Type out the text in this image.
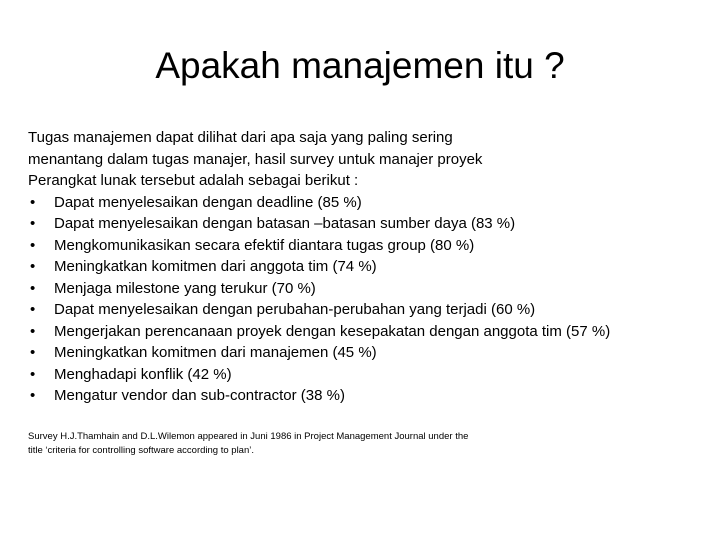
Apakah manajemen itu ?
Tugas manajemen dapat dilihat dari apa saja yang paling sering
menantang dalam tugas manajer, hasil survey untuk manajer proyek
Perangkat lunak tersebut adalah sebagai berikut :
• Dapat menyelesaikan dengan deadline (85 %)
• Dapat menyelesaikan dengan batasan –batasan sumber daya (83 %)
• Mengkomunikasikan secara efektif diantara tugas group (80 %)
• Meningkatkan komitmen dari anggota tim (74 %)
• Menjaga milestone yang terukur (70 %)
• Dapat menyelesaikan dengan perubahan-perubahan yang terjadi (60 %)
• Mengerjakan perencanaan proyek dengan kesepakatan dengan anggota tim (57 %)
• Meningkatkan komitmen dari manajemen (45 %)
• Menghadapi konflik (42 %)
• Mengatur vendor dan sub-contractor (38 %)
Survey H.J.Thamhain and D.L.Wilemon appeared in Juni 1986 in Project Management Journal under the
title ‘criteria for controlling software according to plan’.
